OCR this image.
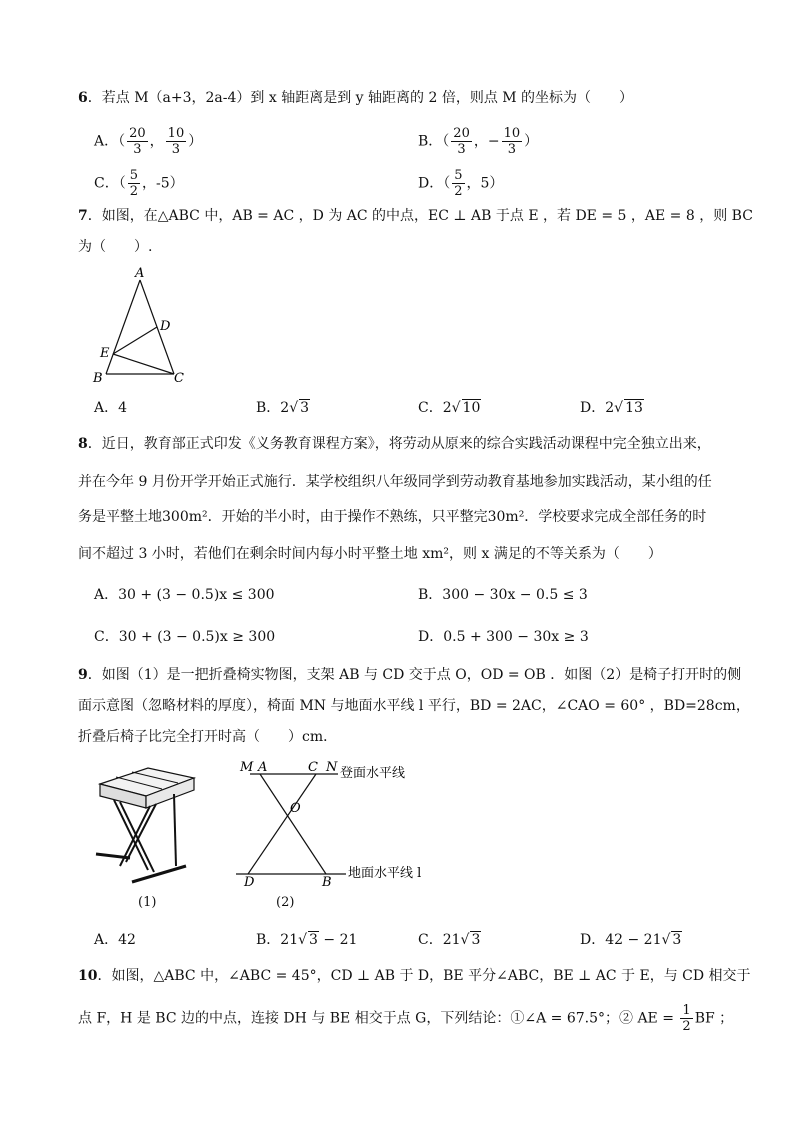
6．若点 M（a+3，2a-4）到 x 轴距离是到 y 轴距离的 2 倍，则点 M 的坐标为（　　）
A．（ $\frac{20}{3}$ ， $\frac{10}{3}$ ）	B．（ $\frac{20}{3}$ ，− $\frac{10}{3}$ ）
C．（ $\frac{5}{2}$ ，-5）	D．（ $\frac{5}{2}$ ，5）
7．如图，在△ABC 中，AB = AC ，D 为 AC 的中点，EC ⊥ AB 于点 E ，若 DE = 5 ，AE = 8 ，则 BC
为（　　）.
A
D
E
B	C
A．4	B．2√ 3	C．2√ 10	D．2√ 13
8．近日，教育部正式印发《义务教育课程方案》，将劳动从原来的综合实践活动课程中完全独立出来，
并在今年 9 月份开学开始正式施行．某学校组织八年级同学到劳动教育基地参加实践活动，某小组的任
务是平整土地300m²．开始的半小时，由于操作不熟练，只平整完30m²．学校要求完成全部任务的时
间不超过 3 小时，若他们在剩余时间内每小时平整土地 xm²，则 x 满足的不等关系为（　　）
A．30 + (3 − 0.5)x ≤ 300	B．300 − 30x − 0.5 ≤ 3
C．30 + (3 − 0.5)x ≥ 300	D．0.5 + 300 − 30x ≥ 3
9．如图（1）是一把折叠椅实物图，支架 AB 与 CD 交于点 O，OD = OB ．如图（2）是椅子打开时的侧
面示意图（忽略材料的厚度），椅面 MN 与地面水平线 l 平行，BD = 2AC，∠CAO = 60° ，BD=28cm，
折叠后椅子比完全打开时高（　　）cm．
(1)
M A	C N
O
D	B
登面水平线
地面水平线 l
(2)
A．42	B．21√ 3 − 21	C．21√ 3	D．42 − 21√ 3
10．如图，△ABC 中，∠ABC = 45°，CD ⊥ AB 于 D，BE 平分∠ABC，BE ⊥ AC 于 E，与 CD 相交于
点 F，H 是 BC 边的中点，连接 DH 与 BE 相交于点 G，下列结论：①∠A = 67.5°；② AE = $\frac{1}{2}$ BF ；
